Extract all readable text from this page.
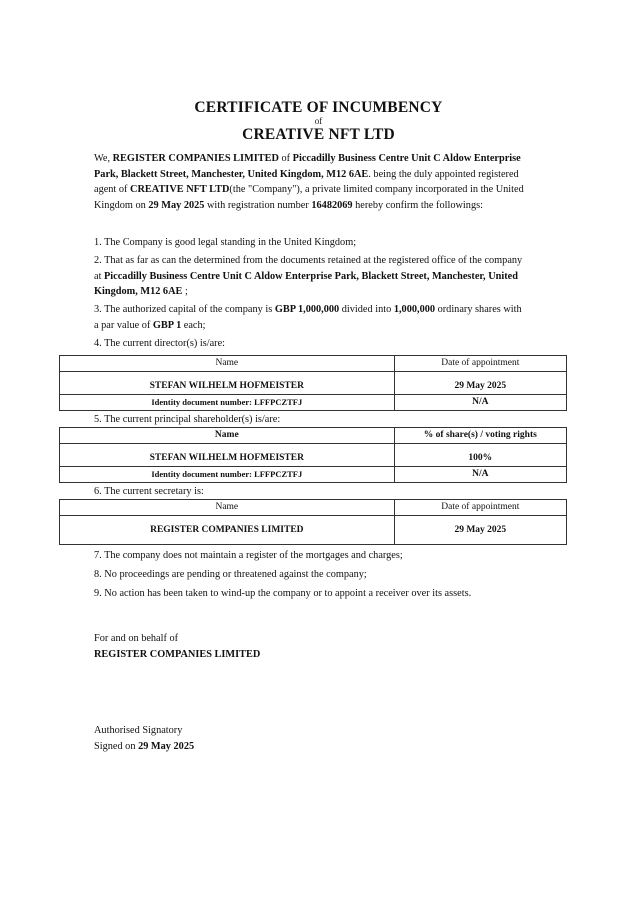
CERTIFICATE OF INCUMBENCY
of
CREATIVE NFT LTD
We, REGISTER COMPANIES LIMITED of Piccadilly Business Centre Unit C Aldow Enterprise Park, Blackett Street, Manchester, United Kingdom, M12 6AE. being the duly appointed registered agent of CREATIVE NFT LTD(the "Company"), a private limited company incorporated in the United Kingdom on 29 May 2025 with registration number 16482069 hereby confirm the followings:
1. The Company is good legal standing in the United Kingdom;
2. That as far as can the determined from the documents retained at the registered office of the company at Piccadilly Business Centre Unit C Aldow Enterprise Park, Blackett Street, Manchester, United Kingdom, M12 6AE ;
3. The authorized capital of the company is GBP 1,000,000 divided into 1,000,000 ordinary shares with a par value of GBP 1 each;
4. The current director(s) is/are:
Name	Date of appointment
STEFAN WILHELM HOFMEISTER	29 May 2025
Identity document number: LFFPCZTFJ	N/A
5. The current principal shareholder(s) is/are:
Name	% of share(s) / voting rights
STEFAN WILHELM HOFMEISTER	100%
Identity document number: LFFPCZTFJ	N/A
6. The current secretary is:
Name	Date of appointment
REGISTER COMPANIES LIMITED	29 May 2025
7. The company does not maintain a register of the mortgages and charges;
8. No proceedings are pending or threatened against the company;
9. No action has been taken to wind-up the company or to appoint a receiver over its assets.
For and on behalf of
REGISTER COMPANIES LIMITED
Authorised Signatory
Signed on 29 May 2025
